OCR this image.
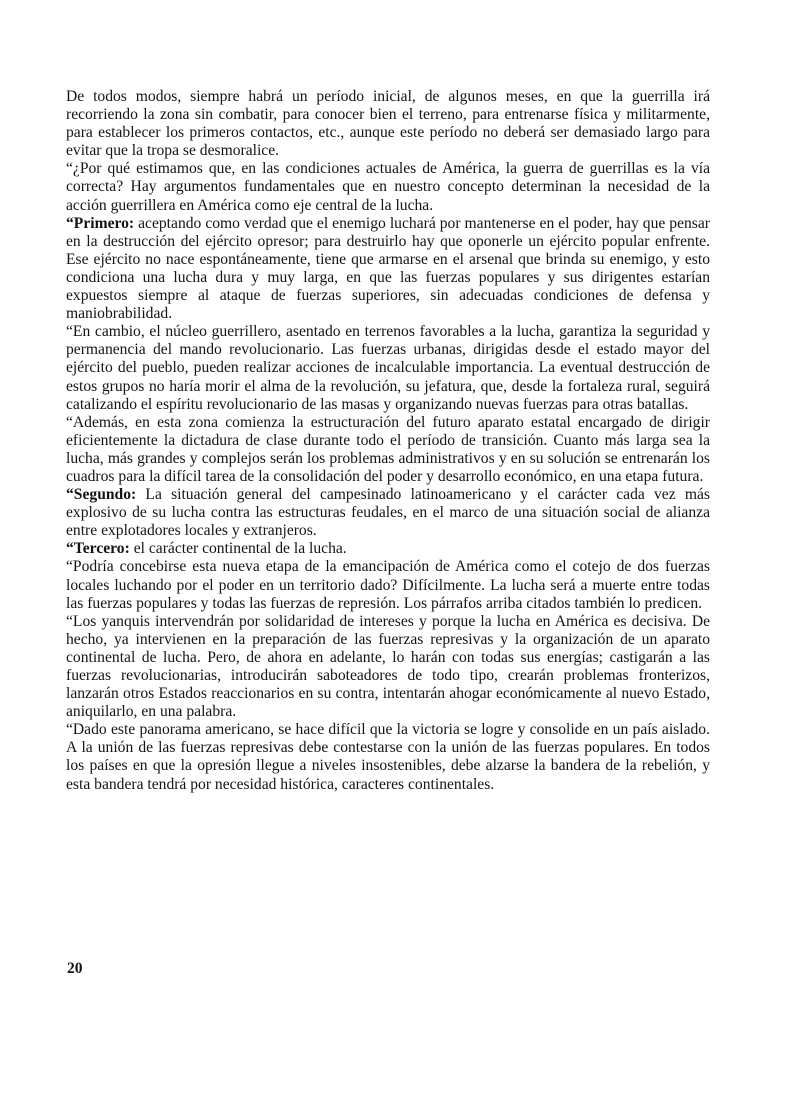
De todos modos, siempre habrá un período inicial, de algunos meses, en que la guerrilla irá recorriendo la zona sin combatir, para conocer bien el terreno, para entrenarse física y militarmente, para establecer los primeros contactos, etc., aunque este período no deberá ser demasiado largo para evitar que la tropa se desmoralice.

“¿Por qué estimamos que, en las condiciones actuales de América, la guerra de guerrillas es la vía correcta? Hay argumentos fundamentales que en nuestro concepto determinan la necesidad de la acción guerrillera en América como eje central de la lucha.

“Primero: aceptando como verdad que el enemigo luchará por mantenerse en el poder, hay que pensar en la destrucción del ejército opresor; para destruirlo hay que oponerle un ejército popular enfrente. Ese ejército no nace espontáneamente, tiene que armarse en el arsenal que brinda su enemigo, y esto condiciona una lucha dura y muy larga, en que las fuerzas populares y sus dirigentes estarían expuestos siempre al ataque de fuerzas superiores, sin adecuadas condiciones de defensa y maniobrabilidad.

“En cambio, el núcleo guerrillero, asentado en terrenos favorables a la lucha, garantiza la seguridad y permanencia del mando revolucionario. Las fuerzas urbanas, dirigidas desde el estado mayor del ejército del pueblo, pueden realizar acciones de incalculable importancia. La eventual destrucción de estos grupos no haría morir el alma de la revolución, su jefatura, que, desde la fortaleza rural, seguirá catalizando el espíritu revolucionario de las masas y organizando nuevas fuerzas para otras batallas.

“Además, en esta zona comienza la estructuración del futuro aparato estatal encargado de dirigir eficientemente la dictadura de clase durante todo el período de transición. Cuanto más larga sea la lucha, más grandes y complejos serán los problemas administrativos y en su solución se entrenarán los cuadros para la difícil tarea de la consolidación del poder y desarrollo económico, en una etapa futura.

“Segundo: La situación general del campesinado latinoamericano y el carácter cada vez más explosivo de su lucha contra las estructuras feudales, en el marco de una situación social de alianza entre explotadores locales y extranjeros.

“Tercero: el carácter continental de la lucha.

“Podría concebirse esta nueva etapa de la emancipación de América como el cotejo de dos fuerzas locales luchando por el poder en un territorio dado? Difícilmente. La lucha será a muerte entre todas las fuerzas populares y todas las fuerzas de represión. Los párrafos arriba citados también lo predicen.

“Los yanquis intervendrán por solidaridad de intereses y porque la lucha en América es decisiva. De hecho, ya intervienen en la preparación de las fuerzas represivas y la organización de un aparato continental de lucha. Pero, de ahora en adelante, lo harán con todas sus energías; castigarán a las fuerzas revolucionarias, introducirán saboteadores de todo tipo, crearán problemas fronterizos, lanzarán otros Estados reaccionarios en su contra, intentarán ahogar económicamente al nuevo Estado, aniquilarlo, en una palabra.

“Dado este panorama americano, se hace difícil que la victoria se logre y consolide en un país aislado. A la unión de las fuerzas represivas debe contestarse con la unión de las fuerzas populares. En todos los países en que la opresión llegue a niveles insostenibles, debe alzarse la bandera de la rebelión, y esta bandera tendrá por necesidad histórica, caracteres continentales.

20
